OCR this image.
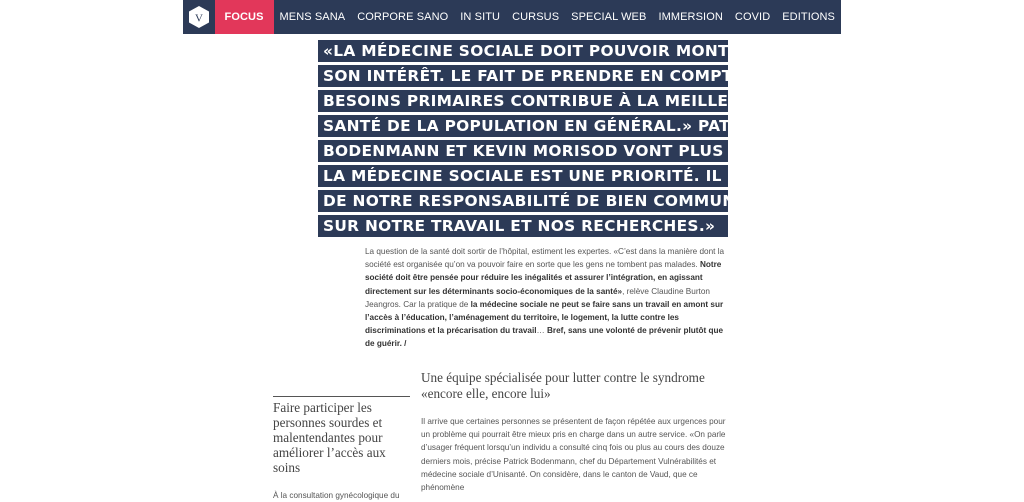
V	FOCUS	MENS SANA	CORPORE SANO	IN SITU	CURSUS	SPECIAL WEB	IMMERSION	COVID	EDITIONS
«LA MÉDECINE SOCIALE DOIT POUVOIR MONTRER
SON INTÉRÊT. LE FAIT DE PRENDRE EN COMPTE LES
BESOINS PRIMAIRES CONTRIBUE À LA MEILLEURE
SANTÉ DE LA POPULATION EN GÉNÉRAL.» PATRICK
BODENMANN ET KEVIN MORISOD VONT PLUS LOIN: «
LA MÉDECINE SOCIALE EST UNE PRIORITÉ. IL EST AUSSI
DE NOTRE RESPONSABILITÉ DE BIEN COMMUNIQUER
SUR NOTRE TRAVAIL ET NOS RECHERCHES.»
La question de la santé doit sortir de l’hôpital, estiment les expertes. «C’est dans la manière dont la société est organisée qu’on va pouvoir faire en sorte que les gens ne tombent pas malades. Notre société doit être pensée pour réduire les inégalités et assurer l’intégration, en agissant directement sur les déterminants socio-économiques de la santé», relève Claudine Burton Jeangros. Car la pratique de la médecine sociale ne peut se faire sans un travail en amont sur l’accès à l’éducation, l’aménagement du territoire, le logement, la lutte contre les discriminations et la précarisation du travail… Bref, sans une volonté de prévenir plutôt que de guérir. /
Faire participer les personnes sourdes et malentendantes pour améliorer l’accès aux soins
À la consultation gynécologique du
Une équipe spécialisée pour lutter contre le syndrome «encore elle, encore lui»
Il arrive que certaines personnes se présentent de façon répétée aux urgences pour un problème qui pourrait être mieux pris en charge dans un autre service. «On parle d’usager fréquent lorsqu’un individu a consulté cinq fois ou plus au cours des douze derniers mois, précise Patrick Bodenmann, chef du Département Vulnérabilités et médecine sociale d’Unisanté. On considère, dans le canton de Vaud, que ce phénomène
